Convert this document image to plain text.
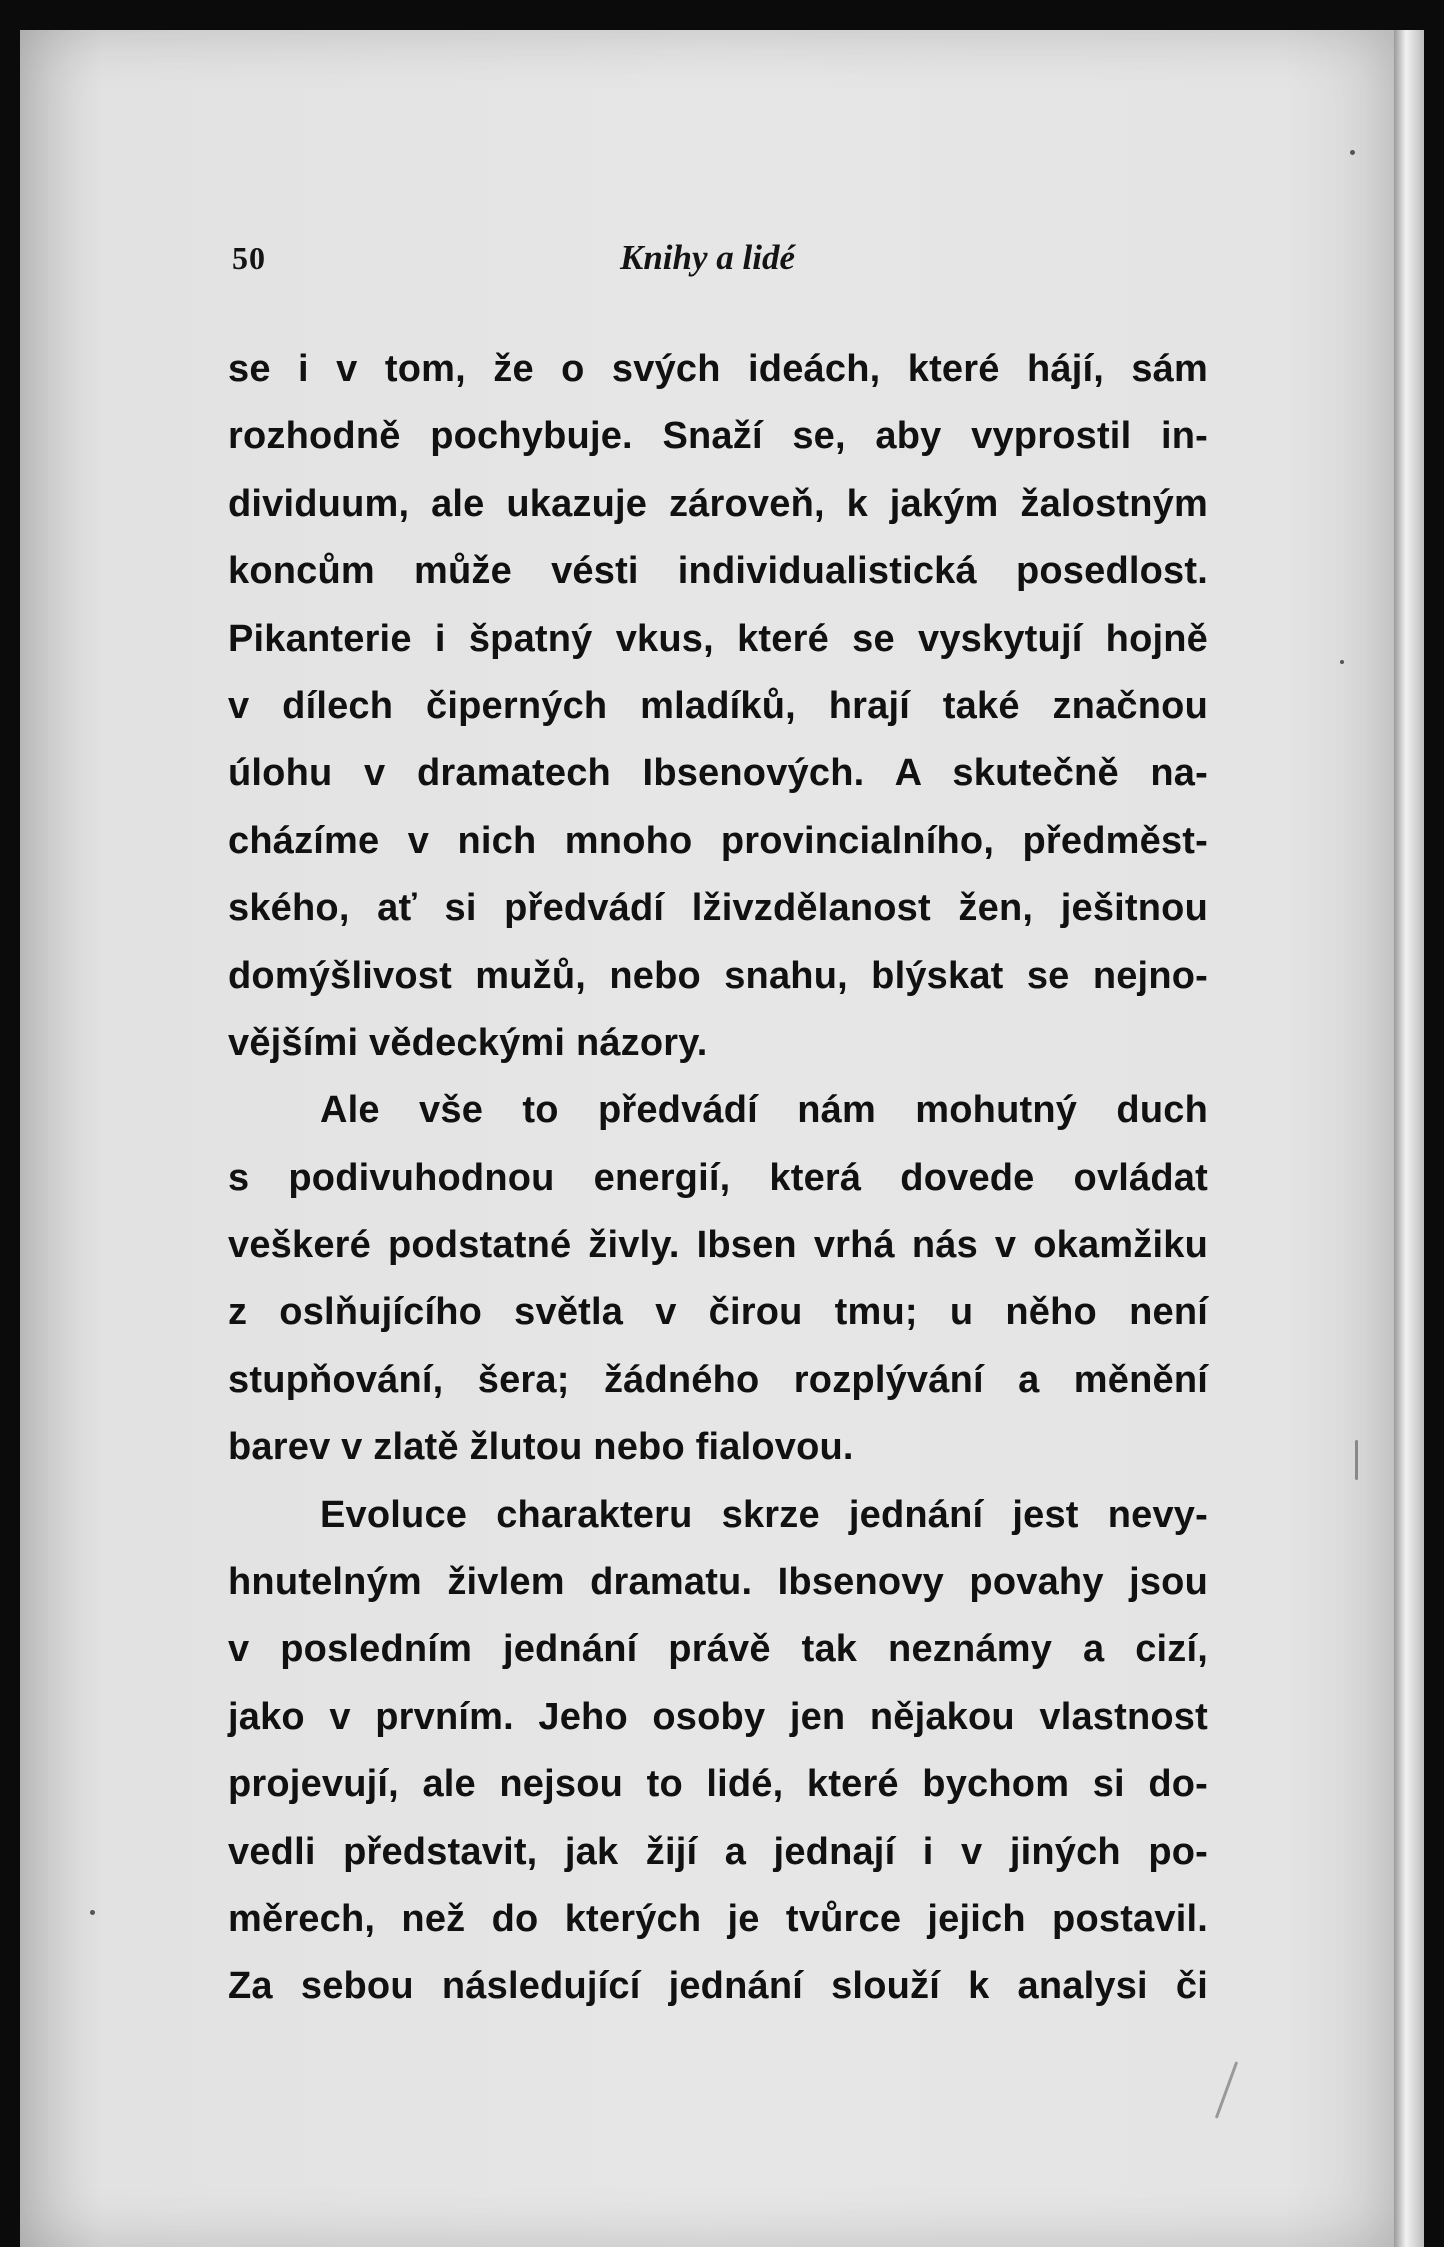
50	Knihy a lidé
se i v tom, že o svých ideách, které hájí, sám
rozhodně pochybuje. Snaží se, aby vyprostil in-
dividuum, ale ukazuje zároveň, k jakým žalostným
koncům může vésti individualistická posedlost.
Pikanterie i špatný vkus, které se vyskytují hojně
v dílech čiperných mladíků, hrají také značnou
úlohu v dramatech Ibsenových. A skutečně na-
cházíme v nich mnoho provincialního, předměst-
ského, ať si předvádí lživzdělanost žen, ješitnou
domýšlivost mužů, nebo snahu, blýskat se nejno-
vějšími vědeckými názory.
Ale vše to předvádí nám mohutný duch
s podivuhodnou energií, která dovede ovládat
veškeré podstatné živly. Ibsen vrhá nás v okamžiku
z oslňujícího světla v čirou tmu; u něho není
stupňování, šera; žádného rozplývání a měnění
barev v zlatě žlutou nebo fialovou.
Evoluce charakteru skrze jednání jest nevy-
hnutelným živlem dramatu. Ibsenovy povahy jsou
v posledním jednání právě tak neznámy a cizí,
jako v prvním. Jeho osoby jen nějakou vlastnost
projevují, ale nejsou to lidé, které bychom si do-
vedli představit, jak žijí a jednají i v jiných po-
měrech, než do kterých je tvůrce jejich postavil.
Za sebou následující jednání slouží k analysi či
